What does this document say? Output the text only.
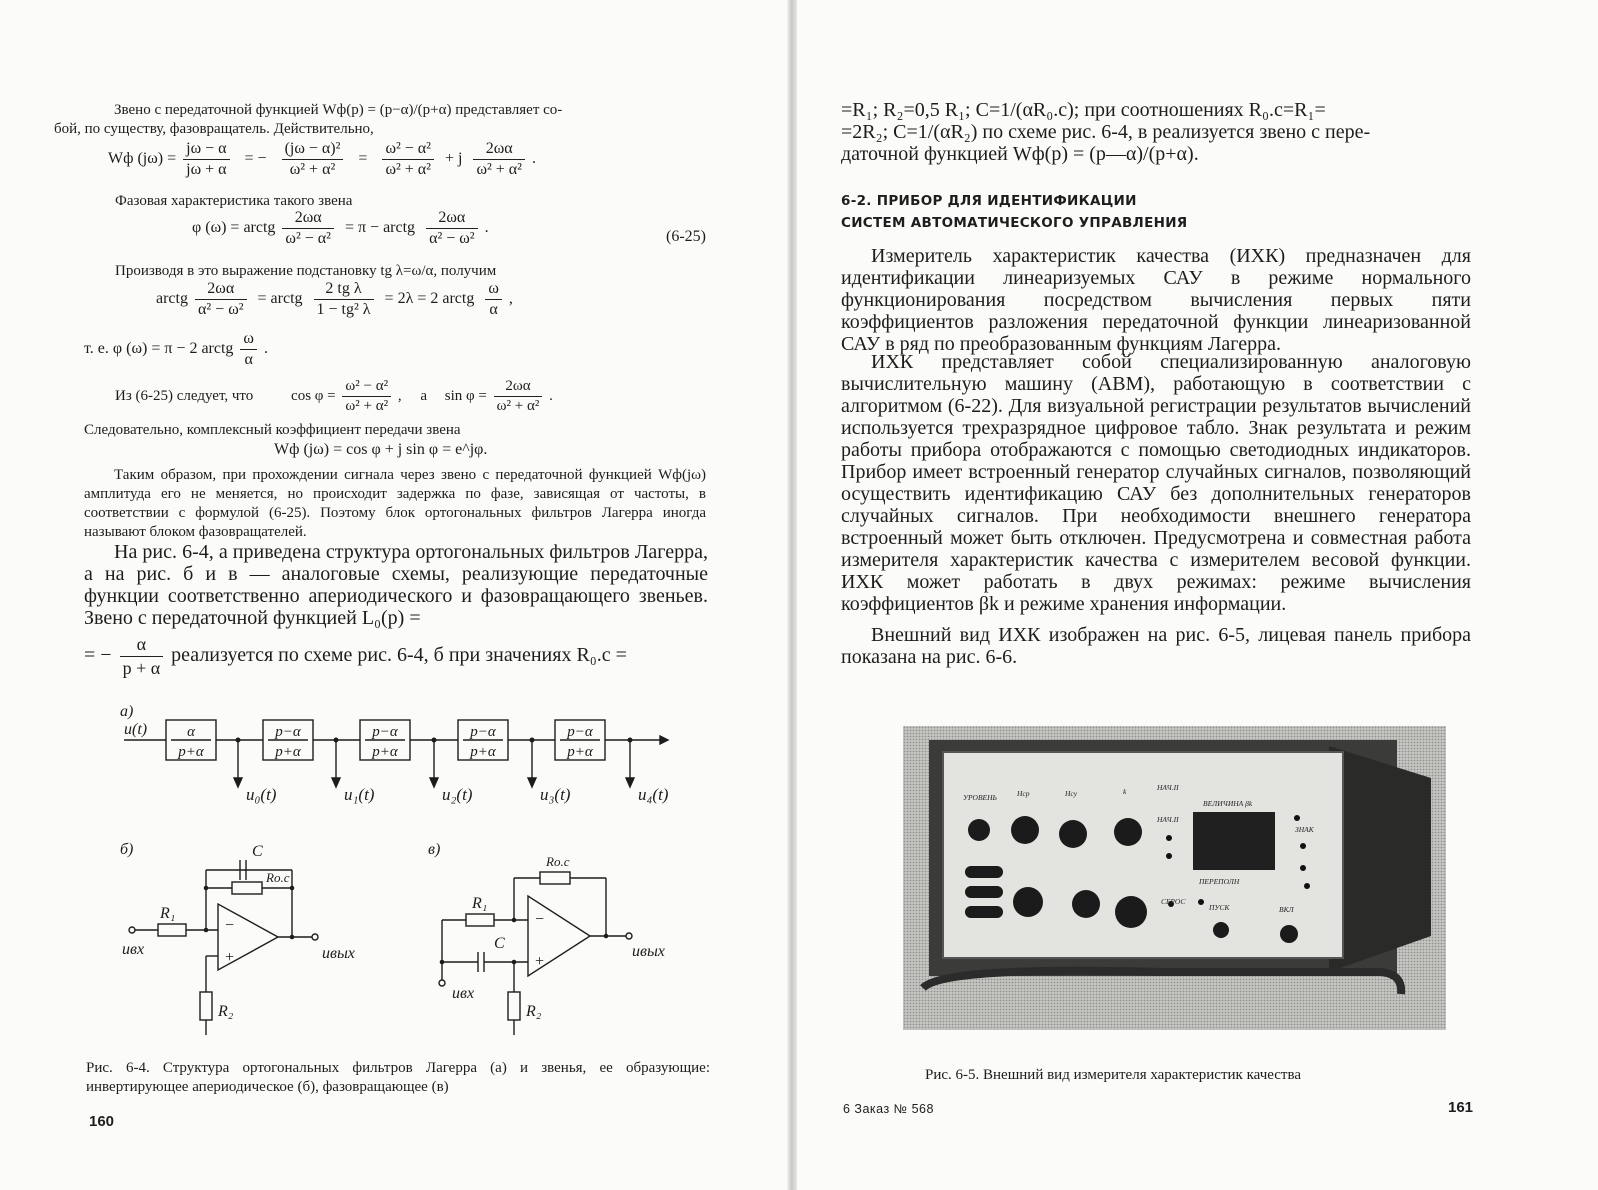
Звено с передаточной функцией Wф(p) = (p−α)/(p+α) представляет со-
бой, по существу, фазовращатель. Действительно,

Wф $(j\omega) = \frac{j\omega - \alpha}{j\omega + \alpha}$ = − $\frac{\text{(jω − α)²}}{\text{ω² + α²}} = \frac{\text{ω² − α²}}{\text{ω² + α²}} + j \frac{2\omega\alpha}{\text{ω² + α²}}$ .
Фазовая характеристика такого звена
φ (ω) = arctg $\frac{2\omega\alpha}{\text{ω² − α²}} = \pi$ − arctg $\frac{2\omega\alpha}{\text{α² − ω²}}$ .
(6-25)
Производя в это выражение подстановку tg λ=ω/α, получим
arctg $\frac{2\omega\alpha}{\text{α² − ω²}}$ = arctg $\frac{\text{2 tg λ}}{\text{1 − tg² λ}} = 2\lambda = 2$ arctg $\frac{\omega}{\alpha}$ ,
т. е. φ (ω) = π − 2 arctg $\frac{\omega}{\alpha}$ .
Из (6-25) следует, что	$\cos \varphi = \frac{\text{ω² − α²}}{\text{ω² + α²}}$ ,     а $\sin \varphi = \frac{2\omega\alpha}{\text{ω² + α²}}$ .
Следовательно, комплексный коэффициент передачи звена
Wф (jω) = cos φ + j sin φ = e^jφ.

Таким образом, при прохождении сигнала через звено с передаточной функцией Wф(jω) амплитуда его не меняется, но происходит задержка по фазе, зависящая от частоты, в соответствии с формулой (6-25). Поэтому блок ортогональных фильтров Лагерра иногда называют блоком фазовращателей.

На рис. 6-4, а приведена структура ортогональных фильтров Лагерра, а на рис. б и в — аналоговые схемы, реализующие передаточные функции соответственно апериодического и фазовращающего звеньев. Звено с передаточной функцией L₀(p) =

= − $\frac{\alpha}{p + \alpha}$ реализуется по схеме рис. 6-4, б при значениях R₀.с =
а)
u(t)	α
p+α
p−α
p+α
p−α
p+α
p−α
p+α
p−α
p+α
u₀(t)	u₁(t)	u₂(t)	u₃(t)	u₄(t)
б)	C
Rо.с
R₁
R₂
uвх	uвых
−
+
в)
Rо.с
R₁
C
R₂
uвх
uвых
−
+
Рис. 6-4. Структура ортогональных фильтров Лагерра (а) и звенья, ее образующие: инвертирующее апериодическое (б), фазовращающее (в)
160
=R₁; R₂=0,5 R₁; C=1/(αR₀.с); при соотношениях R₀.с=R₁=
=2R₂; C=1/(αR₂) по схеме рис. 6-4, в реализуется звено с пере-
даточной функцией Wф(p) = (p—α)/(p+α).
6-2. ПРИБОР ДЛЯ ИДЕНТИФИКАЦИИ
СИСТЕМ АВТОМАТИЧЕСКОГО УПРАВЛЕНИЯ

Измеритель характеристик качества (ИХК) предназначен для идентификации линеаризуемых САУ в режиме нормального функционирования посредством вычисления первых пяти коэффициентов разложения передаточной функции линеаризованной САУ в ряд по преобразованным функциям Лагерра.

ИХК представляет собой специализированную аналоговую вычислительную машину (АВМ), работающую в соответствии с алгоритмом (6-22). Для визуальной регистрации результатов вычислений используется трехразрядное цифровое табло. Знак результата и режим работы прибора отображаются с помощью светодиодных индикаторов. Прибор имеет встроенный генератор случайных сигналов, позволяющий осуществить идентификацию САУ без дополнительных генераторов случайных сигналов. При необходимости внешнего генератора встроенный может быть отключен. Предусмотрена и совместная работа измерителя характеристик качества с измерителем весовой функции. ИХК может работать в двух режимах: режиме вычисления коэффициентов βk и режиме хранения информации.

Внешний вид ИХК изображен на рис. 6-5, лицевая панель прибора показана на рис. 6-6.

УРОВЕНЬ	Hср	Hсу	k	НАЧ.II
НАЧ.II
ВЕЛИЧИНА βk
ЗНАК
ПЕРЕПОЛН
СБРОС
ПУСК	ВКЛ
Рис. 6-5. Внешний вид измерителя характеристик качества
6 Заказ № 568	161
